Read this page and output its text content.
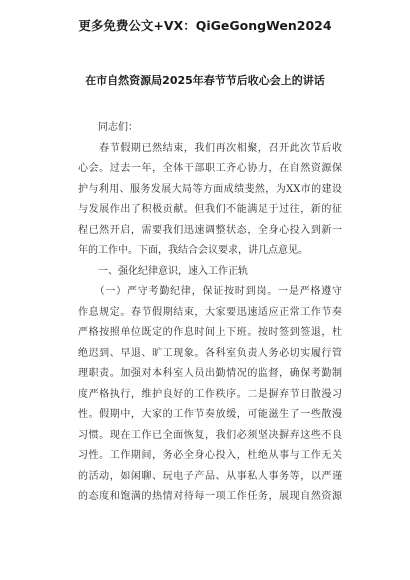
更多免费公文+VX：QiGeGongWen2024
在市自然资源局2025年春节节后收心会上的讲话
　　同志们：
　　春节假期已然结束，我们再次相聚，召开此次节后收
心会。过去一年，全体干部职工齐心协力，在自然资源保
护与利用、服务发展大局等方面成绩斐然，为XX市的建设
与发展作出了积极贡献。但我们不能满足于过往，新的征
程已然开启，需要我们迅速调整状态，全身心投入到新一
年的工作中。下面，我结合会议要求，讲几点意见。
　　一、强化纪律意识，速入工作正轨
　　（一）严守考勤纪律，保证按时到岗。一是严格遵守
作息规定。春节假期结束，大家要迅速适应正常工作节奏
严格按照单位既定的作息时间上下班。按时签到签退，杜
绝迟到、早退、旷工现象。各科室负责人务必切实履行管
理职责。加强对本科室人员出勤情况的监督，确保考勤制
度严格执行，维护良好的工作秩序。二是摒弃节日散漫习
性。假期中，大家的工作节奏放缓，可能滋生了一些散漫
习惯。现在工作已全面恢复，我们必须坚决摒弃这些不良
习性。工作期间，务必全身心投入，杜绝从事与工作无关
的活动，如闲聊、玩电子产品、从事私人事务等，以严谨
的态度和饱满的热情对待每一项工作任务，展现自然资源
